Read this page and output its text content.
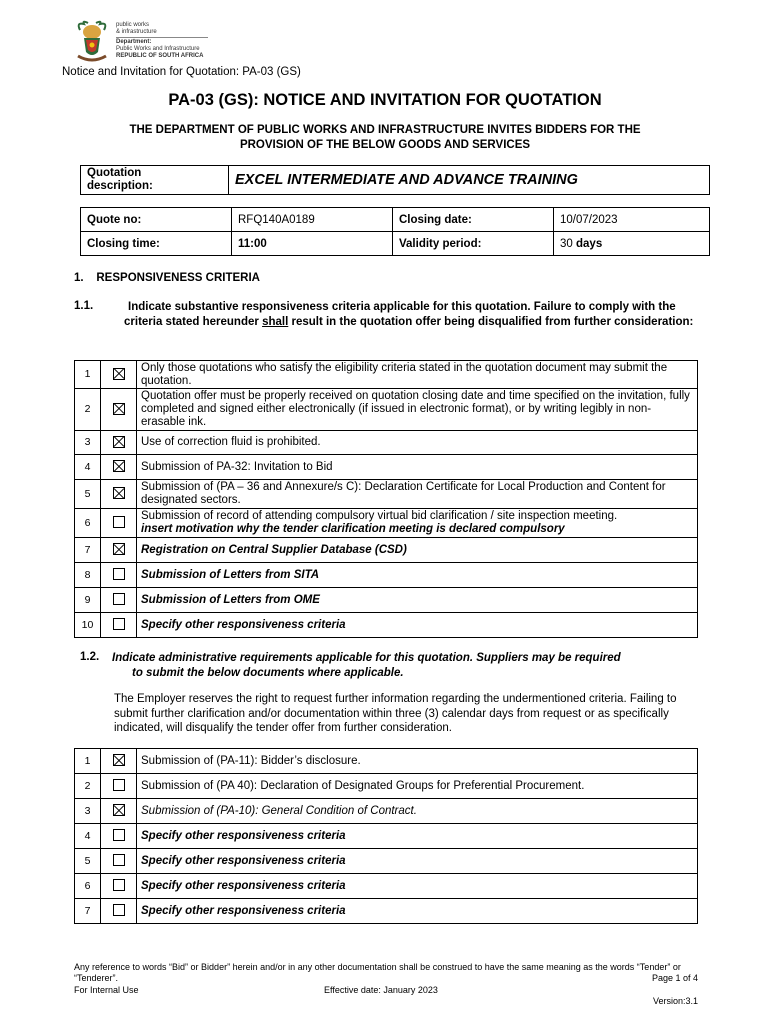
public works
& infrastructure
Department:
Public Works and Infrastructure
REPUBLIC OF SOUTH AFRICA
Notice and Invitation for Quotation: PA-03 (GS)
PA-03 (GS): NOTICE AND INVITATION FOR QUOTATION
THE DEPARTMENT OF PUBLIC WORKS AND INFRASTRUCTURE INVITES BIDDERS FOR THE
PROVISION OF THE BELOW GOODS AND SERVICES
Quotation
description:	EXCEL INTERMEDIATE AND ADVANCE TRAINING
Quote no:	RFQ140A0189	Closing date:	10/07/2023
Closing time:	11:00	Validity period:	30 days
1. RESPONSIVENESS CRITERIA
1.1.	Indicate substantive responsiveness criteria applicable for this quotation. Failure to comply with the criteria stated hereunder shall result in the quotation offer being disqualified from further consideration:
1		Only those quotations who satisfy the eligibility criteria stated in the quotation document may submit the quotation.
2		Quotation offer must be properly received on quotation closing date and time specified on the invitation, fully completed and signed either electronically (if issued in electronic format), or by writing legibly in non-erasable ink.
3		Use of correction fluid is prohibited.
4		Submission of PA-32: Invitation to Bid
5		Submission of (PA – 36 and Annexure/s C): Declaration Certificate for Local Production and Content for designated sectors.
6		Submission of record of attending compulsory virtual bid clarification / site inspection meeting.
insert motivation why the tender clarification meeting is declared compulsory

7		Registration on Central Supplier Database (CSD)
8		Submission of Letters from SITA
9		Submission of Letters from OME
10		Specify other responsiveness criteria
1.2. Indicate administrative requirements applicable for this quotation. Suppliers may be required
to submit the below documents where applicable.
The Employer reserves the right to request further information regarding the undermentioned criteria. Failing to submit further clarification and/or documentation within three (3) calendar days from request or as specifically indicated, will disqualify the tender offer from further consideration.
1		Submission of (PA-11): Bidder’s disclosure.
2		Submission of (PA 40): Declaration of Designated Groups for Preferential Procurement.
3		Submission of (PA-10): General Condition of Contract.
4		Specify other responsiveness criteria
5		Specify other responsiveness criteria
6		Specify other responsiveness criteria
7		Specify other responsiveness criteria
Any reference to words “Bid” or Bidder” herein and/or in any other documentation shall be construed to have the same meaning as the words “Tender” or “Tenderer”.	Page 1 of 4
For Internal Use	Effective date: January 2023
Version:3.1
